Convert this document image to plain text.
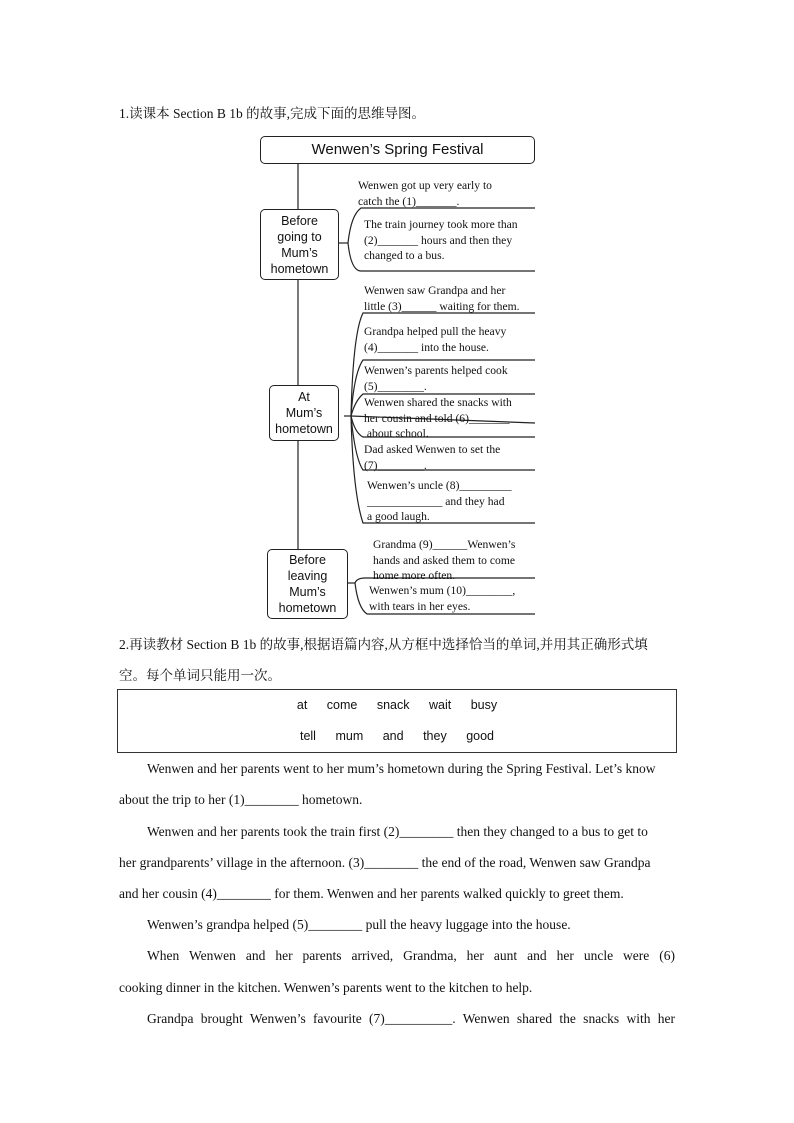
1.读课本 Section B 1b 的故事,完成下面的思维导图。
Wenwen’s Spring Festival
Before
going to
Mum’s
hometown
At
Mum’s
hometown
Before
leaving
Mum’s
hometown
Wenwen got up very early to
catch the (1)_______.
The train journey took more than
(2)_______ hours and then they
changed to a bus.
Wenwen saw Grandpa and her
little (3)______ waiting for them.
Grandpa helped pull the heavy
(4)_______ into the house.
Wenwen’s parents helped cook
(5)________.
Wenwen shared the snacks with
her cousin and told (6)_______
about school.
Dad asked Wenwen to set the
(7)________.
Wenwen’s uncle (8)_________
_____________ and they had
a good laugh.
Grandma (9)______Wenwen’s
hands and asked them to come
home more often.
Wenwen’s mum (10)________,
with tears in her eyes.
2.再读教材 Section B 1b 的故事,根据语篇内容,从方框中选择恰当的单词,并用其正确形式填
空。每个单词只能用一次。
at come snack wait busy
tell mum and they good
Wenwen and her parents went to her mum’s hometown during the Spring Festival. Let’s know
about the trip to her (1)________ hometown.
Wenwen and her parents took the train first (2)________ then they changed to a bus to get to
her grandparents’ village in the afternoon. (3)________ the end of the road, Wenwen saw Grandpa
and her cousin (4)________ for them. Wenwen and her parents walked quickly to greet them.
Wenwen’s grandpa helped (5)________ pull the heavy luggage into the house.
When Wenwen and her parents arrived, Grandma, her aunt and her uncle were (6)
cooking dinner in the kitchen. Wenwen’s parents went to the kitchen to help.
Grandpa brought Wenwen’s favourite (7)__________. Wenwen shared the snacks with her
